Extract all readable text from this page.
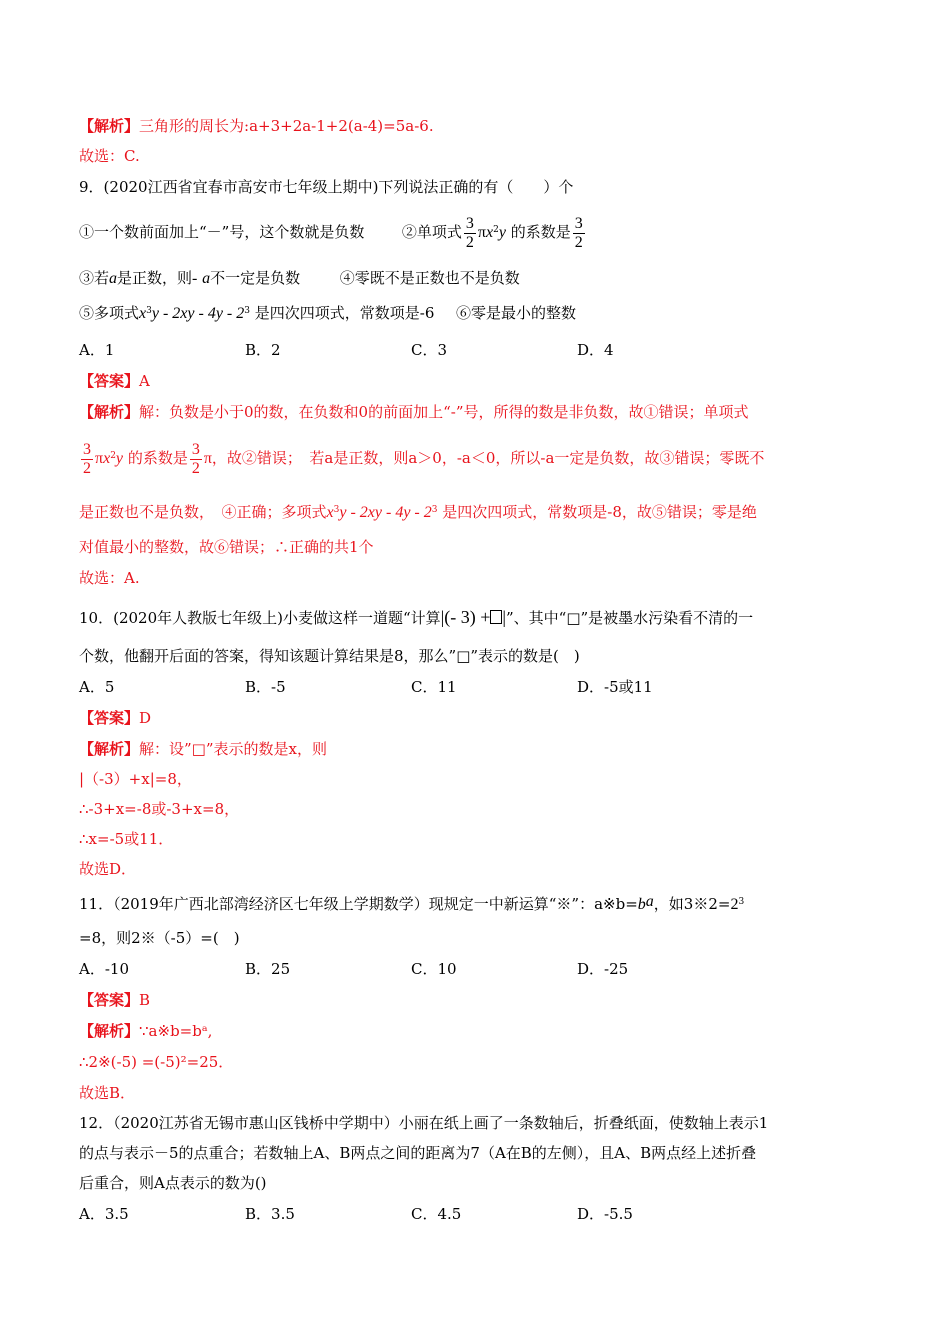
【解析】三角形的周长为:a+3+2a-1+2(a-4)=5a-6.
故选：C.
9．(2020江西省宜春市高安市七年级上期中)下列说法正确的有（　　）个
①一个数前面加上“－”号，这个数就是负数	②单项式 $\frac{3}{2} \pi x^2y$ 的系数是 $\frac{3}{2}$
③若a是正数，则- a不一定是负数	④零既不是正数也不是负数
⑤多项式$x^3y - 2xy - 4y - 2^3$ 是四次四项式，常数项是-6 ⑥零是最小的整数
A．1	B．2	C．3	D．4
【答案】A
【解析】解：负数是小于0的数，在负数和0的前面加上“-”号，所得的数是非负数，故①错误；单项式
$\frac{3}{2} \pi x^2y$ 的系数是 $\frac{3}{2}$ π，故②错误；　若a是正数，则a＞0，-a＜0，所以-a一定是负数，故③错误；零既不
是正数也不是负数，　④正确；多项式$x^3y - 2xy - 4y - 2^3$ 是四次四项式，常数项是-8，故⑤错误；零是绝
对值最小的整数，故⑥错误；∴正确的共1个
故选：A.
10．(2020年人教版七年级上)小麦做这样一道题“计算|(- 3) + |”、其中“□”是被墨水污染看不清的一
个数，他翻开后面的答案，得知该题计算结果是8，那么”□”表示的数是(　)
A．5	B．-5	C．11	D．-5或11
【答案】D
【解析】解：设”□”表示的数是x，则
|（-3）+x|=8，
∴-3+x=-8或-3+x=8，
∴x=-5或11．
故选D．
11．（2019年广西北部湾经济区七年级上学期数学）现规定一中新运算“※”：$a※b=b^a$，如$3※2=2^3$
=8，则2※（-5）=(　)
A．-10	B．25	C．10	D．-25
【答案】B
【解析】∵a※b=bᵃ,
∴2※(-5) =(-5)²=25．
故选B．
12．（2020江苏省无锡市惠山区钱桥中学期中）小丽在纸上画了一条数轴后，折叠纸面，使数轴上表示1
的点与表示－5的点重合；若数轴上A、B两点之间的距离为7（A在B的左侧），且A、B两点经上述折叠
后重合，则A点表示的数为()
A．3.5	B．3.5	C．4.5	D．-5.5
